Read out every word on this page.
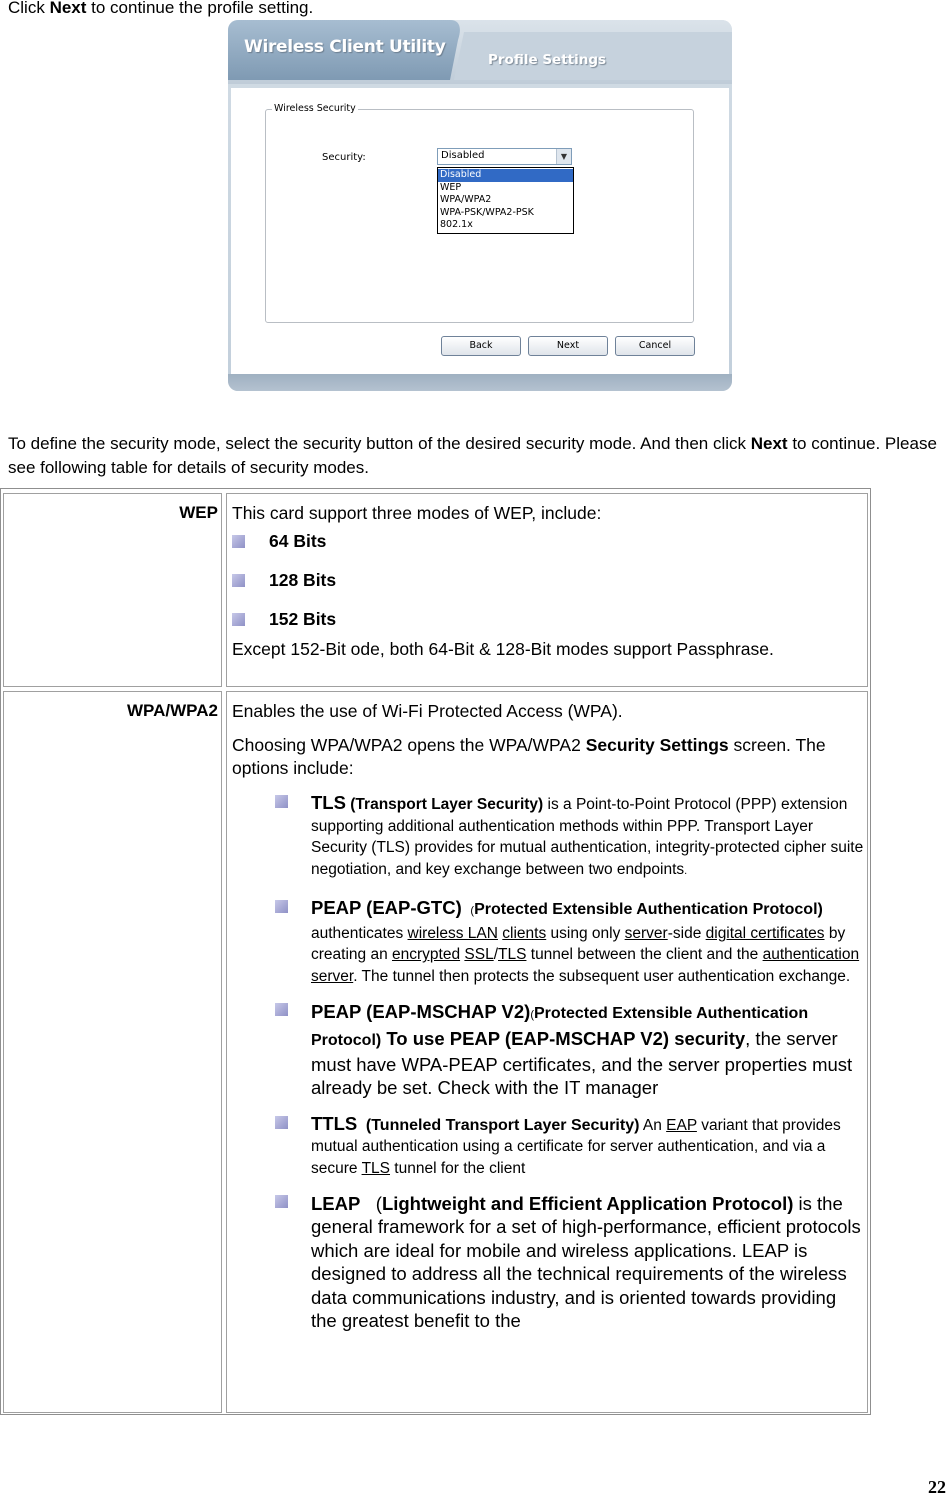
Click Next to continue the profile setting.

Wireless Client Utility
Profile Settings
Wireless Security
Security:	Disabled	▼
Disabled
WEP
WPA/WPA2
WPA-PSK/WPA2-PSK
802.1x
Back	Next	Cancel

To define the security mode, select the security button of the desired security mode. And then click Next to continue. Please see following table for details of security modes.

WEP This card support three modes of WEP, include:

64 Bits

128 Bits

152 Bits

Except 152-Bit ode, both 64-Bit & 128-Bit modes support Passphrase.

WPA/WPA2 Enables the use of Wi-Fi Protected Access (WPA).

Choosing WPA/WPA2 opens the WPA/WPA2 Security Settings screen. The options include:

TLS (Transport Layer Security) is a Point-to-Point Protocol (PPP) extension supporting additional authentication methods within PPP. Transport Layer Security (TLS) provides for mutual authentication, integrity-protected cipher suite negotiation, and key exchange between two endpoints.
PEAP (EAP-GTC) (Protected Extensible Authentication Protocol) authenticates wireless LAN clients using only server-side digital certificates by creating an encrypted SSL/TLS tunnel between the client and the authentication server. The tunnel then protects the subsequent user authentication exchange.
PEAP (EAP-MSCHAP V2)(Protected Extensible Authentication Protocol) To use PEAP (EAP-MSCHAP V2) security, the server must have WPA-PEAP certificates, and the server properties must already be set. Check with the IT manager
TTLS (Tunneled Transport Layer Security) An EAP variant that provides mutual authentication using a certificate for server authentication, and via a secure TLS tunnel for the client
LEAP (Lightweight and Efficient Application Protocol) is the general framework for a set of high-performance, efficient protocols which are ideal for mobile and wireless applications. LEAP is designed to address all the technical requirements of the wireless data communications industry, and is oriented towards providing the greatest benefit to the
22
